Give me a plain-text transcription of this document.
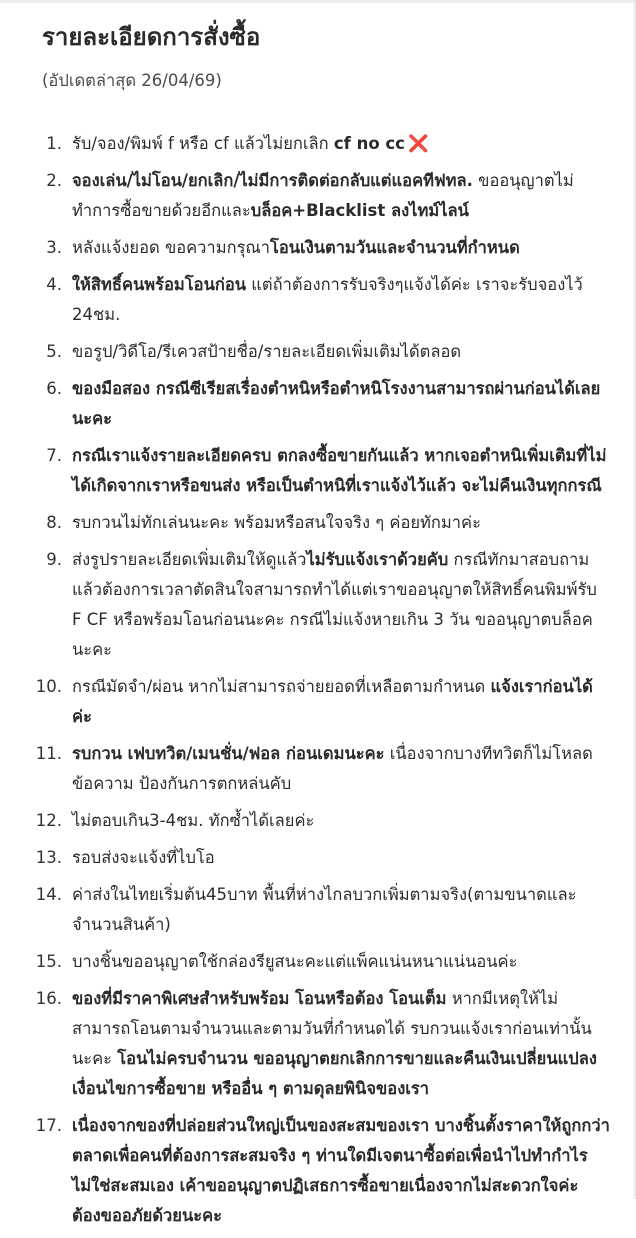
รายละเอียดการสั่งซื้อ
(อัปเดตล่าสุด 26/04/69)
1. รับ/จอง/พิมพ์ f หรือ cf แล้วไม่ยกเลิก cf no cc ❌
2. จองเล่น/ไม่โอน/ยกเลิก/ไม่มีการติดต่อกลับแต่แอคทีฟทล. ขออนุญาตไม่ทำการซื้อขายด้วยอีกและบล็อค+Blacklist ลงไทม์ไลน์
3. หลังแจ้งยอด ขอความกรุณาโอนเงินตามวันและจำนวนที่กำหนด
4. ให้สิทธิ์คนพร้อมโอนก่อน แต่ถ้าต้องการรับจริงๆแจ้งได้ค่ะ เราจะรับจองไว้ 24ชม.
5. ขอรูป/วิดีโอ/รีเควสป้ายชื่อ/รายละเอียดเพิ่มเติมได้ตลอด
6. ของมือสอง กรณีซีเรียสเรื่องตำหนิหรือตำหนิโรงงานสามารถผ่านก่อนได้เลยนะคะ
7. กรณีเราแจ้งรายละเอียดครบ ตกลงซื้อขายกันแล้ว หากเจอตำหนิเพิ่มเติมที่ไม่ได้เกิดจากเราหรือขนส่ง หรือเป็นตำหนิที่เราแจ้งไว้แล้ว จะไม่คืนเงินทุกกรณี
8. รบกวนไม่ทักเล่นนะคะ พร้อมหรือสนใจจริง ๆ ค่อยทักมาค่ะ
9. ส่งรูปรายละเอียดเพิ่มเติมให้ดูแล้วไม่รับแจ้งเราด้วยคับ กรณีทักมาสอบถามแล้วต้องการเวลาตัดสินใจสามารถทำได้แต่เราขออนุญาตให้สิทธิ์คนพิมพ์รับ F CF หรือพร้อมโอนก่อนนะคะ กรณีไม่แจ้งหายเกิน 3 วัน ขออนุญาตบล็อคนะคะ
10. กรณีมัดจำ/ผ่อน หากไม่สามารถจ่ายยอดที่เหลือตามกำหนด แจ้งเราก่อนได้ค่ะ
11. รบกวน เฟบทวิต/เมนชั่น/ฟอล ก่อนเดมนะคะ เนื่องจากบางทีทวิตก็ไม่โหลดข้อความ ป้องกันการตกหล่นคับ
12. ไม่ตอบเกิน3-4ชม. ทักซ้ำได้เลยค่ะ
13. รอบส่งจะแจ้งที่ไบโอ
14. ค่าส่งในไทยเริ่มต้น45บาท พื้นที่ห่างไกลบวกเพิ่มตามจริง(ตามขนาดและจำนวนสินค้า)
15. บางชิ้นขออนุญาตใช้กล่องรียูสนะคะแต่แพ็คแน่นหนาแน่นอนค่ะ
16. ของที่มีราคาพิเศษสำหรับพร้อม โอนหรือต้อง โอนเต็ม หากมีเหตุให้ไม่สามารถโอนตามจำนวนและตามวันที่กำหนดได้ รบกวนแจ้งเราก่อนเท่านั้นนะคะ โอนไม่ครบจำนวน ขออนุญาตยกเลิกการขายและคืนเงินเปลี่ยนแปลงเงื่อนไขการซื้อขาย หรืออื่น ๆ ตามดุลยพินิจของเรา
17. เนื่องจากของที่ปล่อยส่วนใหญ่เป็นของสะสมของเรา บางชิ้นตั้งราคาให้ถูกกว่าตลาดเพื่อคนที่ต้องการสะสมจริง ๆ ท่านใดมีเจตนาซื้อต่อเพื่อนำไปทำกำไรไม่ใช่สะสมเอง เค้าขออนุญาตปฏิเสธการซื้อขายเนื่องจากไม่สะดวกใจค่ะ ต้องขออภัยด้วยนะคะ
